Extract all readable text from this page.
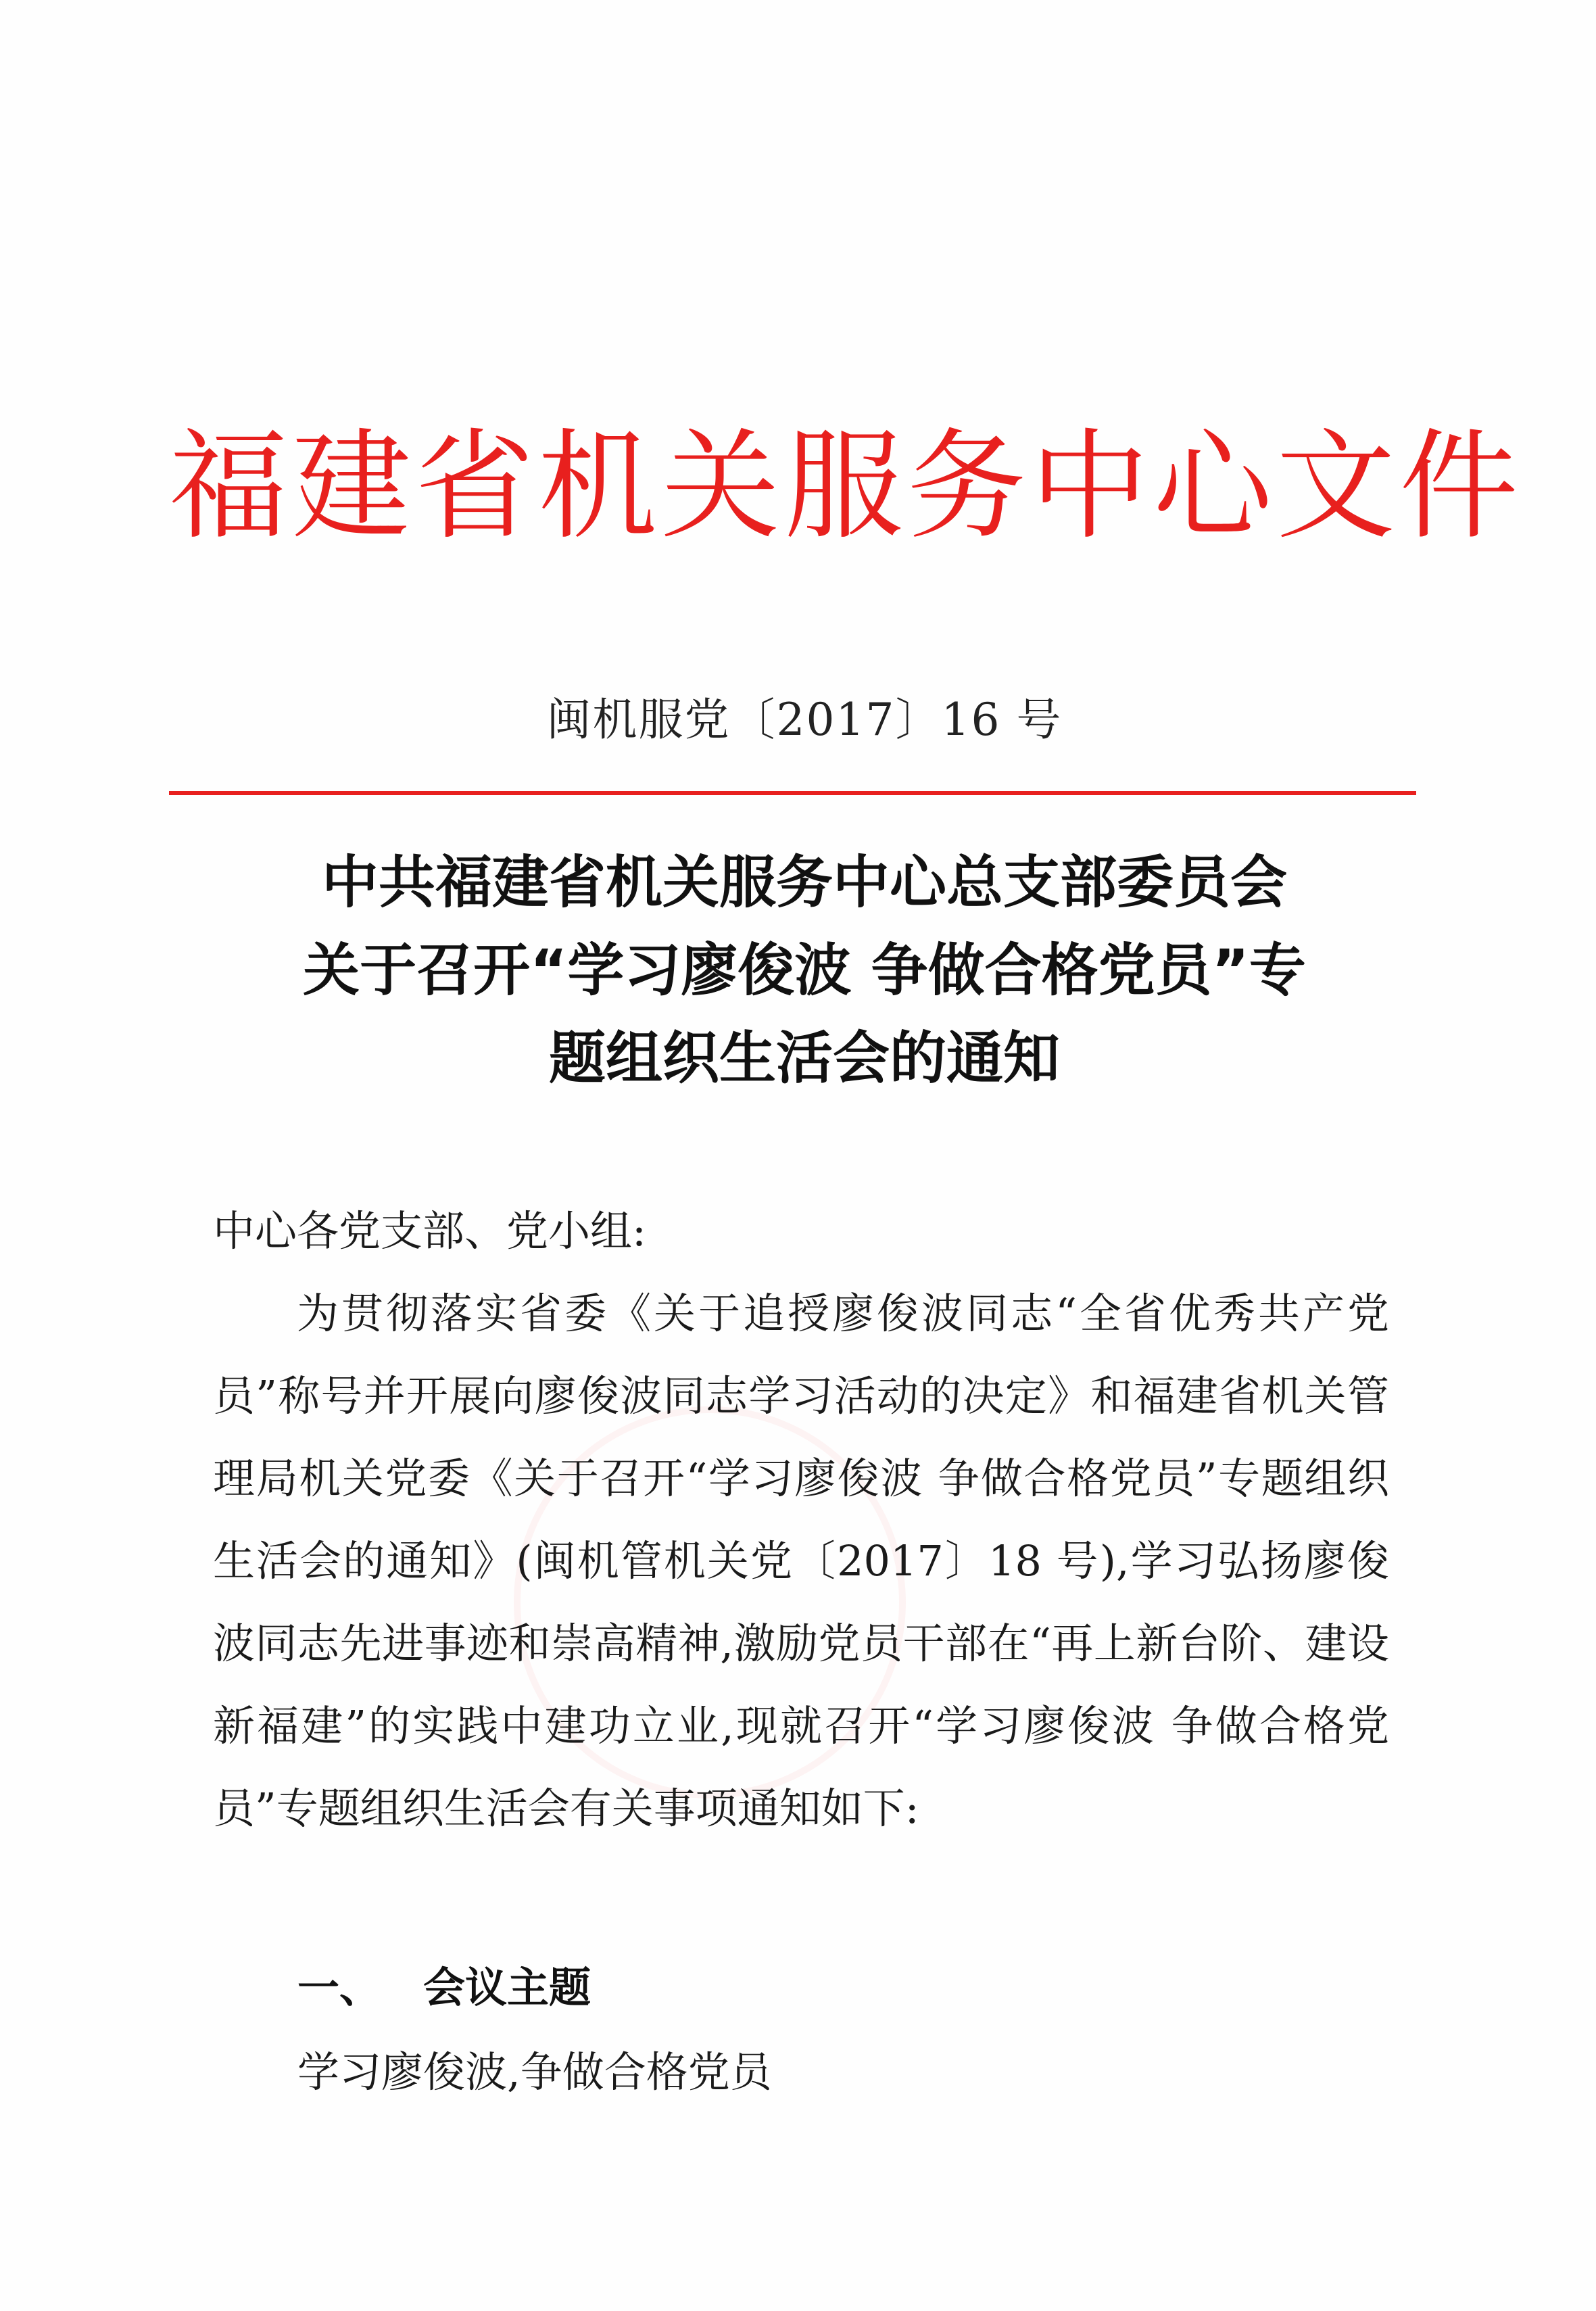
福建省机关服务中心文件
闽机服党〔2017〕16 号
中共福建省机关服务中心总支部委员会
关于召开“学习廖俊波 争做合格党员”专
题组织生活会的通知
中心各党支部、党小组:

为贯彻落实省委《关于追授廖俊波同志“全省优秀共产党员”称号并开展向廖俊波同志学习活动的决定》和福建省机关管理局机关党委《关于召开“学习廖俊波 争做合格党员”专题组织生活会的通知》(闽机管机关党〔2017〕18 号),学习弘扬廖俊波同志先进事迹和崇高精神,激励党员干部在“再上新台阶、建设新福建”的实践中建功立业,现就召开“学习廖俊波 争做合格党员”专题组织生活会有关事项通知如下:

一、 会议主题
学习廖俊波,争做合格党员
